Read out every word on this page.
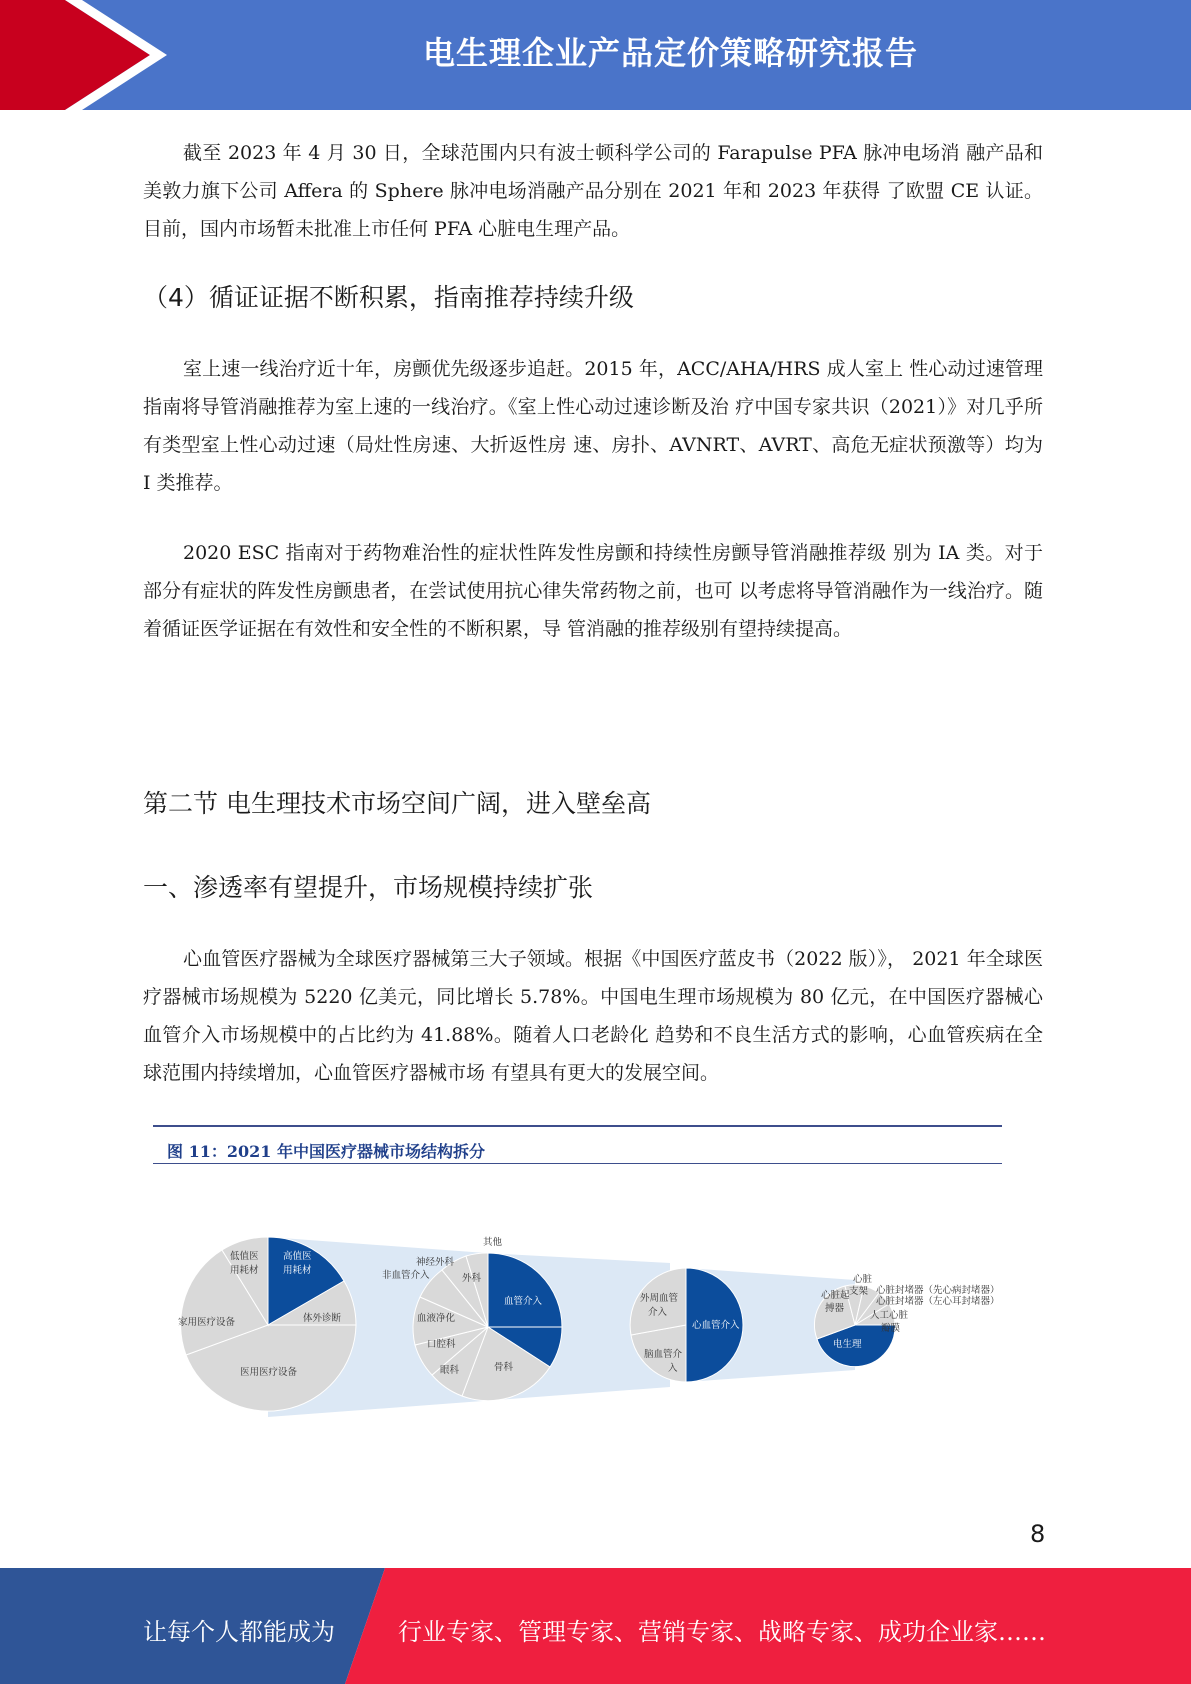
电生理企业产品定价策略研究报告

截至 2023 年 4 月 30 日，全球范围内只有波士顿科学公司的 Farapulse PFA 脉冲电场消 融产品和美敦力旗下公司 Affera 的 Sphere 脉冲电场消融产品分别在 2021 年和 2023 年获得 了欧盟 CE 认证。目前，国内市场暂未批准上市任何 PFA 心脏电生理产品。

（4）循证证据不断积累，指南推荐持续升级

室上速一线治疗近十年，房颤优先级逐步追赶。2015 年，ACC/AHA/HRS 成人室上 性心动过速管理指南将导管消融推荐为室上速的一线治疗。《室上性心动过速诊断及治 疗中国专家共识（2021）》对几乎所有类型室上性心动过速（局灶性房速、大折返性房 速、房扑、AVNRT、AVRT、高危无症状预激等）均为 I 类推荐。

2020 ESC 指南对于药物难治性的症状性阵发性房颤和持续性房颤导管消融推荐级 别为 IA 类。对于部分有症状的阵发性房颤患者，在尝试使用抗心律失常药物之前，也可 以考虑将导管消融作为一线治疗。随着循证医学证据在有效性和安全性的不断积累，导 管消融的推荐级别有望持续提高。

第二节 电生理技术市场空间广阔，进入壁垒高
一、渗透率有望提升，市场规模持续扩张

心血管医疗器械为全球医疗器械第三大子领域。根据《中国医疗蓝皮书（2022 版）》， 2021 年全球医疗器械市场规模为 5220 亿美元，同比增长 5.78%。中国电生理市场规模为 80 亿元，在中国医疗器械心血管介入市场规模中的占比约为 41.88%。随着人口老龄化 趋势和不良生活方式的影响，心血管疾病在全球范围内持续增加，心血管医疗器械市场 有望具有更大的发展空间。

图 11：2021 年中国医疗器械市场结构拆分
高值医
用耗材
低值医
用耗材
体外诊断
家用医疗设备
医用医疗设备
其他
神经外科
非血管介入	外科
血液净化
口腔科
眼科	骨科
血管介入
心血管介入
外周血管
介入
脑血管介
入
电生理
心脏起
搏器
心脏
支架 心脏封堵器（先心病封堵器）
心脏封堵器（左心耳封堵器）
人工心脏
瓣膜
8
让每个人都能成为	行业专家、管理专家、营销专家、战略专家、成功企业家……
